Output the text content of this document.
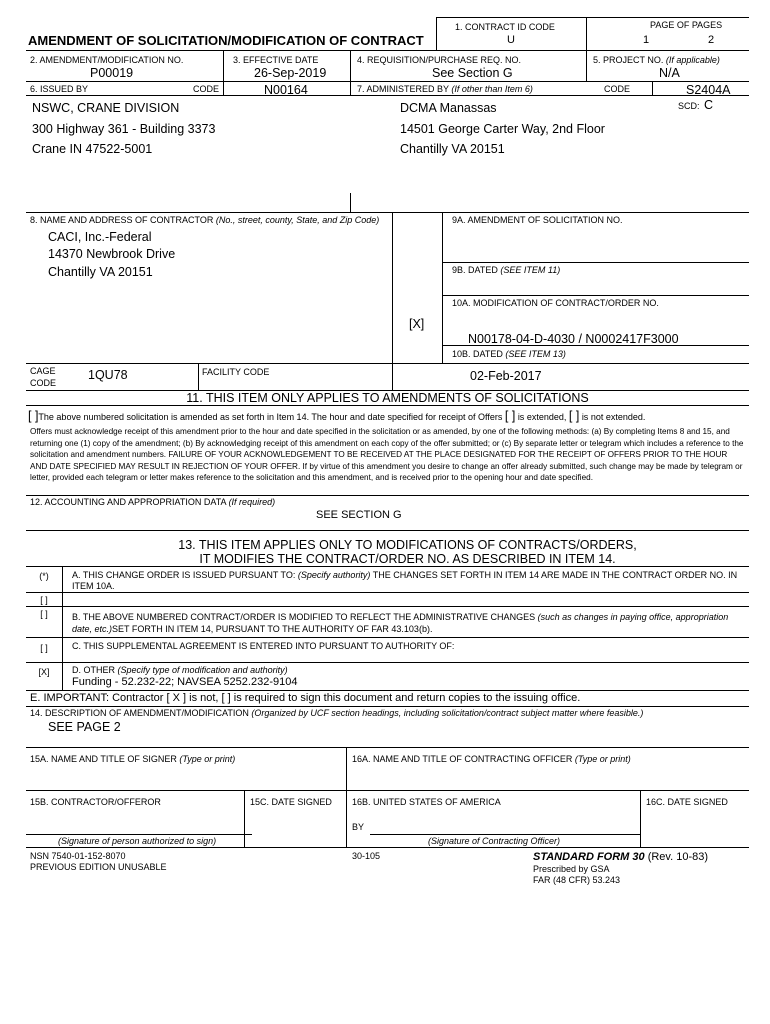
1. CONTRACT ID CODE
U
PAGE OF PAGES
1	2
AMENDMENT OF SOLICITATION/MODIFICATION OF CONTRACT
2. AMENDMENT/MODIFICATION NO.
P00019
3. EFFECTIVE DATE
26-Sep-2019
4. REQUISITION/PURCHASE REQ. NO.
See Section G
5. PROJECT NO. (If applicable)
N/A
6. ISSUED BY	CODE	N00164	7. ADMINISTERED BY (If other than Item 6)	CODE	S2404A
SCD: C
NSWC, CRANE DIVISION
300 Highway 361 - Building 3373
Crane IN 47522-5001
DCMA Manassas
14501 George Carter Way, 2nd Floor
Chantilly VA 20151
8. NAME AND ADDRESS OF CONTRACTOR (No., street, county, State, and Zip Code)
CACI, Inc.-Federal
14370 Newbrook Drive
Chantilly VA 20151
CAGE
CODE
1QU78	FACILITY CODE
9A. AMENDMENT OF SOLICITATION NO.
9B. DATED (SEE ITEM 11)
10A. MODIFICATION OF CONTRACT/ORDER NO.
[X]
N00178-04-D-4030 / N0002417F3000
10B. DATED (SEE ITEM 13)
02-Feb-2017
11. THIS ITEM ONLY APPLIES TO AMENDMENTS OF SOLICITATIONS
[ ]The above numbered solicitation is amended as set forth in Item 14. The hour and date specified for receipt of Offers [ ] is extended, [ ] is not extended.
Offers must acknowledge receipt of this amendment prior to the hour and date specified in the solicitation or as amended, by one of the following methods: (a) By completing Items 8 and 15, and returning one (1) copy of the amendment; (b) By acknowledging receipt of this amendment on each copy of the offer submitted; or (c) By separate letter or telegram which includes a reference to the solicitation and amendment numbers. FAILURE OF YOUR ACKNOWLEDGEMENT TO BE RECEIVED AT THE PLACE DESIGNATED FOR THE RECEIPT OF OFFERS PRIOR TO THE HOUR AND DATE SPECIFIED MAY RESULT IN REJECTION OF YOUR OFFER. If by virtue of this amendment you desire to change an offer already submitted, such change may be made by telegram or letter, provided each telegram or letter makes reference to the solicitation and this amendment, and is received prior to the opening hour and date specified.
12. ACCOUNTING AND APPROPRIATION DATA (If required)
SEE SECTION G
13. THIS ITEM APPLIES ONLY TO MODIFICATIONS OF CONTRACTS/ORDERS,
IT MODIFIES THE CONTRACT/ORDER NO. AS DESCRIBED IN ITEM 14.
(*)	A. THIS CHANGE ORDER IS ISSUED PURSUANT TO: (Specify authority) THE CHANGES SET FORTH IN ITEM 14 ARE MADE IN THE CONTRACT ORDER NO. IN ITEM 10A.
[ ]
[ ]	B. THE ABOVE NUMBERED CONTRACT/ORDER IS MODIFIED TO REFLECT THE ADMINISTRATIVE CHANGES (such as changes in paying office, appropriation date, etc.)SET FORTH IN ITEM 14, PURSUANT TO THE AUTHORITY OF FAR 43.103(b).
[ ]	C. THIS SUPPLEMENTAL AGREEMENT IS ENTERED INTO PURSUANT TO AUTHORITY OF:
[X]	D. OTHER (Specify type of modification and authority)
Funding - 52.232-22; NAVSEA 5252.232-9104
E. IMPORTANT: Contractor [ X ] is not, [ ] is required to sign this document and return copies to the issuing office.
14. DESCRIPTION OF AMENDMENT/MODIFICATION (Organized by UCF section headings, including solicitation/contract subject matter where feasible.)
SEE PAGE 2
15A. NAME AND TITLE OF SIGNER (Type or print)	16A. NAME AND TITLE OF CONTRACTING OFFICER (Type or print)
15B. CONTRACTOR/OFFEROR	15C. DATE SIGNED 16B. UNITED STATES OF AMERICA	16C. DATE SIGNED
BY
(Signature of person authorized to sign)	(Signature of Contracting Officer)
NSN 7540-01-152-8070
PREVIOUS EDITION UNUSABLE
30-105	STANDARD FORM 30 (Rev. 10-83)
Prescribed by GSA
FAR (48 CFR) 53.243
